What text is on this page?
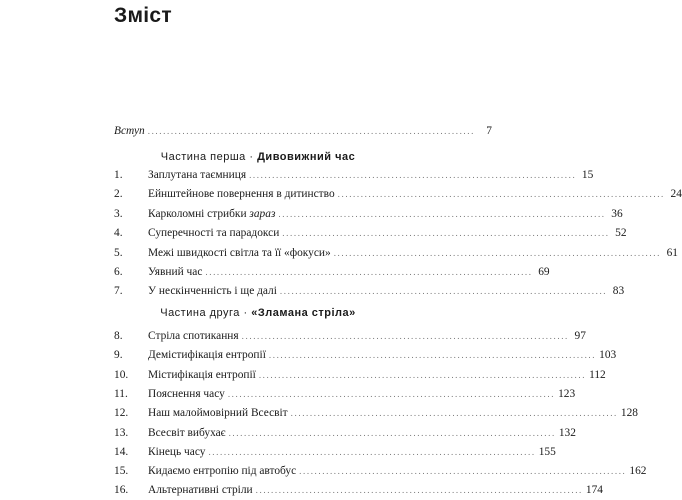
Зміст
Вступ ..................................................................................... 7
Частина перша · Дивовижний час
1.	Заплутана таємниця ..................................................................................... 15
2.	Ейнштейнове повернення в дитинство ..................................................................................... 24
3.	Карколомні стрибки зараз ..................................................................................... 36
4.	Суперечності та парадокси ..................................................................................... 52
5.	Межі швидкості світла та її «фокуси» ..................................................................................... 61
6.	Уявний час ..................................................................................... 69
7.	У нескінченність і ще далі ..................................................................................... 83
Частина друга · «Зламана стріла»
8.	Стріла спотикання ..................................................................................... 97
9.	Демістифікація ентропії ..................................................................................... 103
10.	Містифікація ентропії ..................................................................................... 112
11.	Пояснення часу ..................................................................................... 123
12.	Наш малоймовірний Всесвіт ..................................................................................... 128
13.	Всесвіт вибухає ..................................................................................... 132
14.	Кінець часу ..................................................................................... 155
15.	Кидаємо ентропію під автобус ..................................................................................... 162
16.	Альтернативні стріли ..................................................................................... 174
